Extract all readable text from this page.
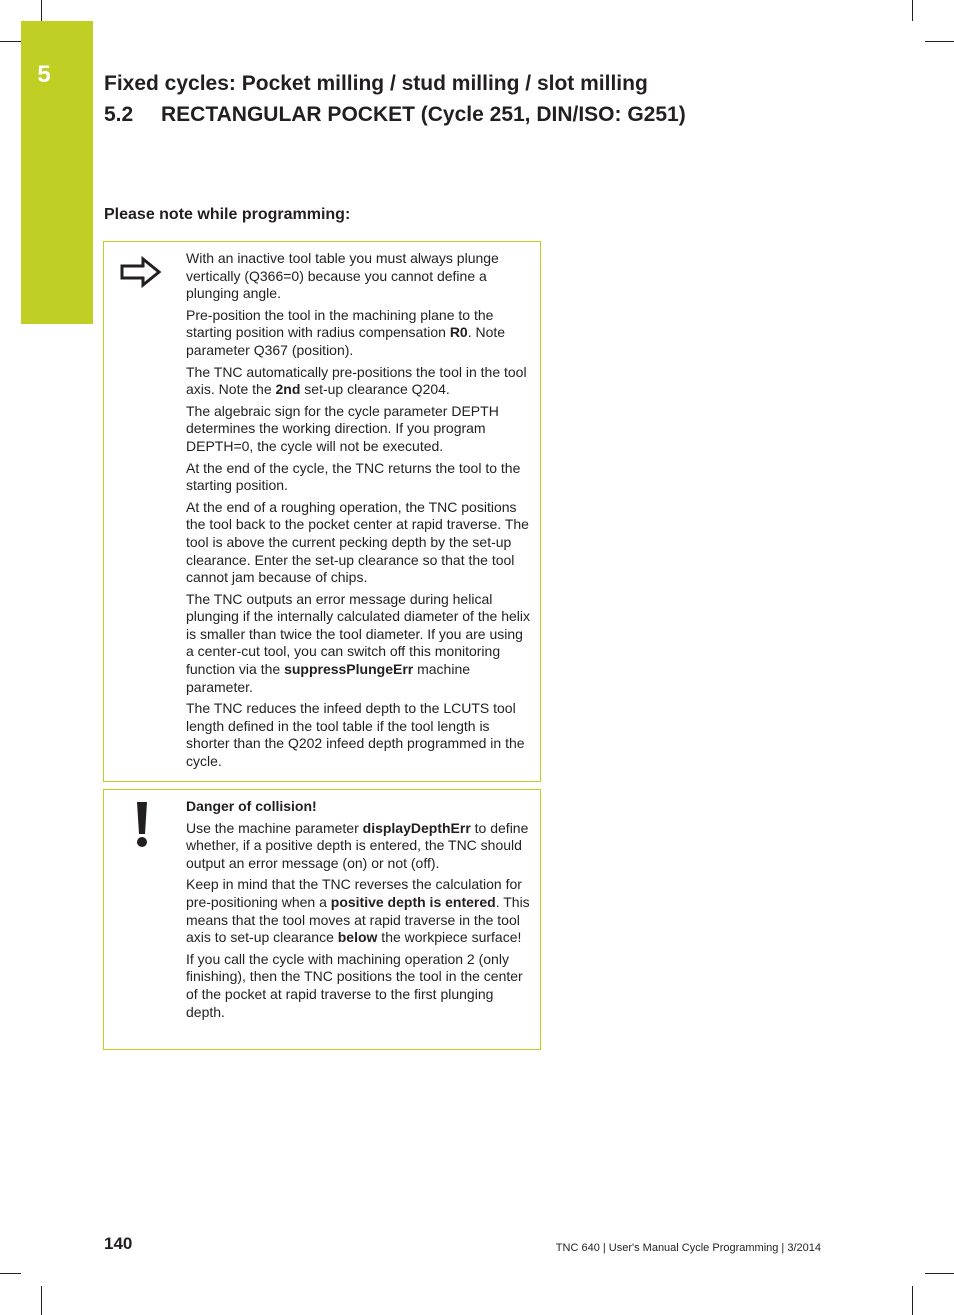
5	Fixed cycles: Pocket milling / stud milling / slot milling
5.2 RECTANGULAR POCKET (Cycle 251, DIN/ISO: G251)
Please note while programming:

With an inactive tool table you must always plunge vertically (Q366=0) because you cannot define a plunging angle.

Pre-position the tool in the machining plane to the starting position with radius compensation R0. Note parameter Q367 (position).

The TNC automatically pre-positions the tool in the tool axis. Note the 2nd set-up clearance Q204.

The algebraic sign for the cycle parameter DEPTH determines the working direction. If you program DEPTH=0, the cycle will not be executed.

At the end of the cycle, the TNC returns the tool to the starting position.

At the end of a roughing operation, the TNC positions the tool back to the pocket center at rapid traverse. The tool is above the current pecking depth by the set-up clearance. Enter the set-up clearance so that the tool cannot jam because of chips.

The TNC outputs an error message during helical plunging if the internally calculated diameter of the helix is smaller than twice the tool diameter. If you are using a center-cut tool, you can switch off this monitoring function via the suppressPlungeErr machine parameter.

The TNC reduces the infeed depth to the LCUTS tool length defined in the tool table if the tool length is shorter than the Q202 infeed depth programmed in the cycle.

Danger of collision!

Use the machine parameter displayDepthErr to define whether, if a positive depth is entered, the TNC should output an error message (on) or not (off).

Keep in mind that the TNC reverses the calculation for pre-positioning when a positive depth is entered. This means that the tool moves at rapid traverse in the tool axis to set-up clearance below the workpiece surface!

If you call the cycle with machining operation 2 (only finishing), then the TNC positions the tool in the center of the pocket at rapid traverse to the first plunging depth.

140	TNC 640 | User's Manual Cycle Programming | 3/2014
